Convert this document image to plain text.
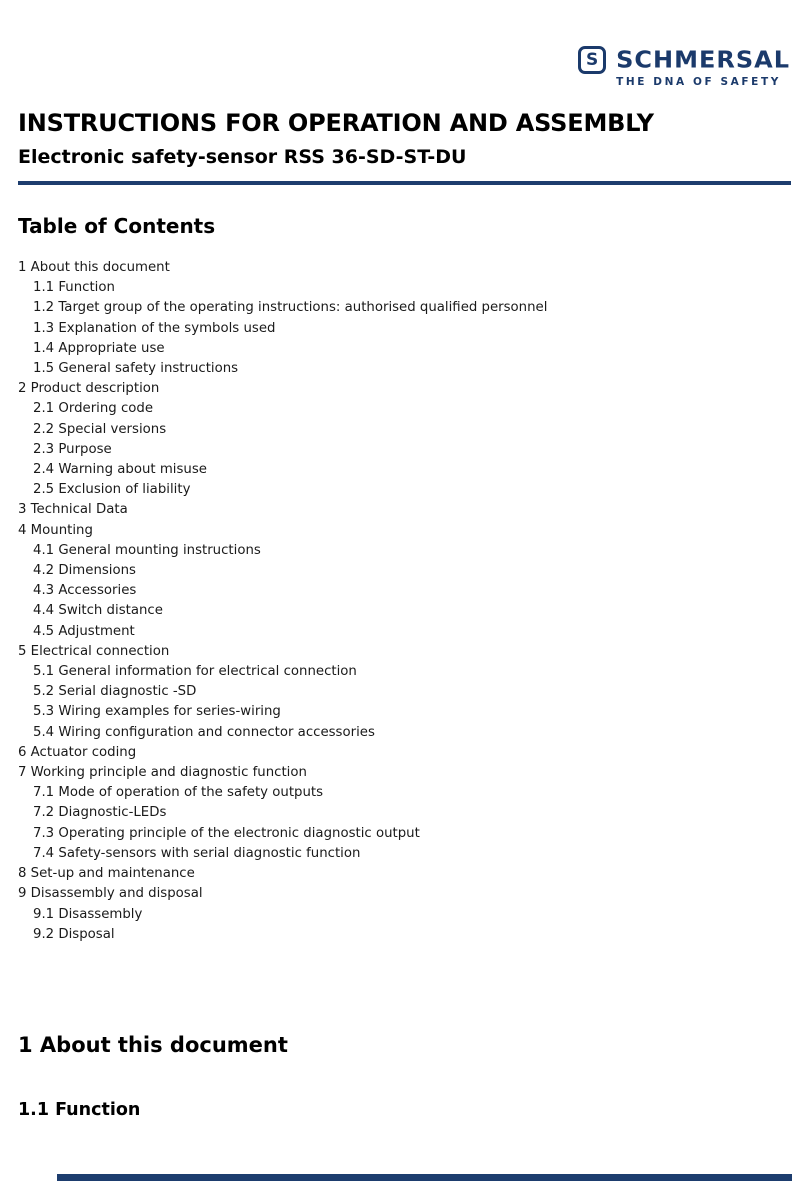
S SCHMERSAL
THE DNA OF SAFETY
INSTRUCTIONS FOR OPERATION AND ASSEMBLY
Electronic safety-sensor RSS 36-SD-ST-DU
Table of Contents
1 About this document
1.1 Function
1.2 Target group of the operating instructions: authorised qualified personnel
1.3 Explanation of the symbols used
1.4 Appropriate use
1.5 General safety instructions
2 Product description
2.1 Ordering code
2.2 Special versions
2.3 Purpose
2.4 Warning about misuse
2.5 Exclusion of liability
3 Technical Data
4 Mounting
4.1 General mounting instructions
4.2 Dimensions
4.3 Accessories
4.4 Switch distance
4.5 Adjustment
5 Electrical connection
5.1 General information for electrical connection
5.2 Serial diagnostic -SD
5.3 Wiring examples for series-wiring
5.4 Wiring configuration and connector accessories
6 Actuator coding
7 Working principle and diagnostic function
7.1 Mode of operation of the safety outputs
7.2 Diagnostic-LEDs
7.3 Operating principle of the electronic diagnostic output
7.4 Safety-sensors with serial diagnostic function
8 Set-up and maintenance
9 Disassembly and disposal
9.1 Disassembly
9.2 Disposal
1 About this document
1.1 Function
